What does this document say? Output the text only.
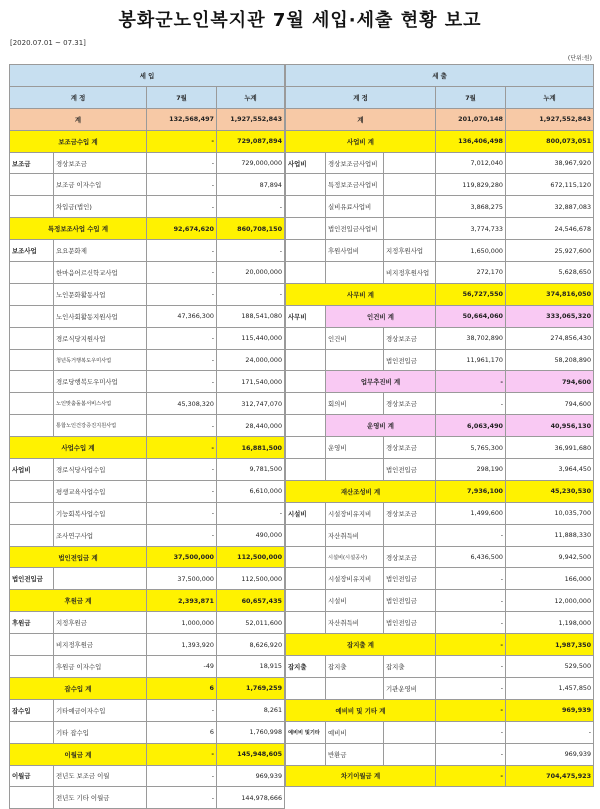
봉화군노인복지관 7월 세입·세출 현황 보고
[2020.07.01 ~ 07.31]
(단위:원)
세 입			
계 정		7월	누계
계		132,568,497	1,927,552,843
보조금수입 계		-	729,087,894
보조금	경상보조금	-	729,000,000
	보조금 이자수입	-	87,894
	차입금(법인)	-	-
특정보조사업 수입 계		92,674,620	860,708,150
보조사업	요요문화제	-	-
	한마음어르신학교사업	-	20,000,000
	노인문화활동사업	-	-
	노인사회활동지원사업	47,366,300	188,541,080
	경로식당지원사업	-	115,440,000
	청년독거행복도우미사업	-	24,000,000
	경로당행복도우미사업	-	171,540,000
	노인맞춤돌봄서비스사업	45,308,320	312,747,070
	통합노인건강증진지원사업	-	28,440,000
사업수입 계		-	16,881,500
사업비	경로식당사업수입	-	9,781,500
	평생교육사업수입	-	6,610,000
	기능회복사업수입	-	-
	조사연구사업	-	490,000
법인전입금 계		37,500,000	112,500,000
법인전입금		37,500,000	112,500,000
후원금 계		2,393,871	60,657,435
후원금	지정후원금	1,000,000	52,011,600
	비지정후원금	1,393,920	8,626,920
	후원금 이자수입	-49	18,915
잡수입 계		6	1,769,259
잡수입	기타예금이자수입	-	8,261
	기타 잡수입	6	1,760,998
이월금 계		-	145,948,605
이월금	전년도 보조금 이월	-	969,939
	전년도 기타 이월금	-	144,978,666
세 출				
계 정			7월	누계
계			201,070,148	1,927,552,843
사업비 계			136,406,498	800,073,051
사업비	경상보조금사업비		7,012,040	38,967,920
	특정보조금사업비		119,829,280	672,115,120
	실비유료사업비		3,868,275	32,887,083
	법인전입금사업비		3,774,733	24,546,678
	후원사업비	지정후원사업	1,650,000	25,927,600
		비지정후원사업	272,170	5,628,650
사무비 계			56,727,550	374,816,050
사무비	인건비 계		50,664,060	333,065,320
	인건비	경상보조금	38,702,890	274,856,430
		법인전입금	11,961,170	58,208,890
	업무추진비 계		-	794,600
	회의비	경상보조금	-	794,600
	운영비 계		6,063,490	40,956,130
	운영비	경상보조금	5,765,300	36,991,680
		법인전입금	298,190	3,964,450
재산조성비 계			7,936,100	45,230,530
시설비	시설장비유지비	경상보조금	1,499,600	10,035,700
	자산취득비		-	11,888,330
	시설비(시설공사)	경상보조금	6,436,500	9,942,500
	시설장비유지비	법인전입금	-	166,000
	시설비	법인전입금	-	12,000,000
	자산취득비	법인전입금	-	1,198,000
잡지출 계			-	1,987,350
잡지출	잡지출	잡지출	-	529,500
		기관운영비	-	1,457,850
예비비 및 기타 계			-	969,939
예비비 및기타	예비비		-	-
	반환금		-	969,939
차기이월금 계			-	704,475,923
